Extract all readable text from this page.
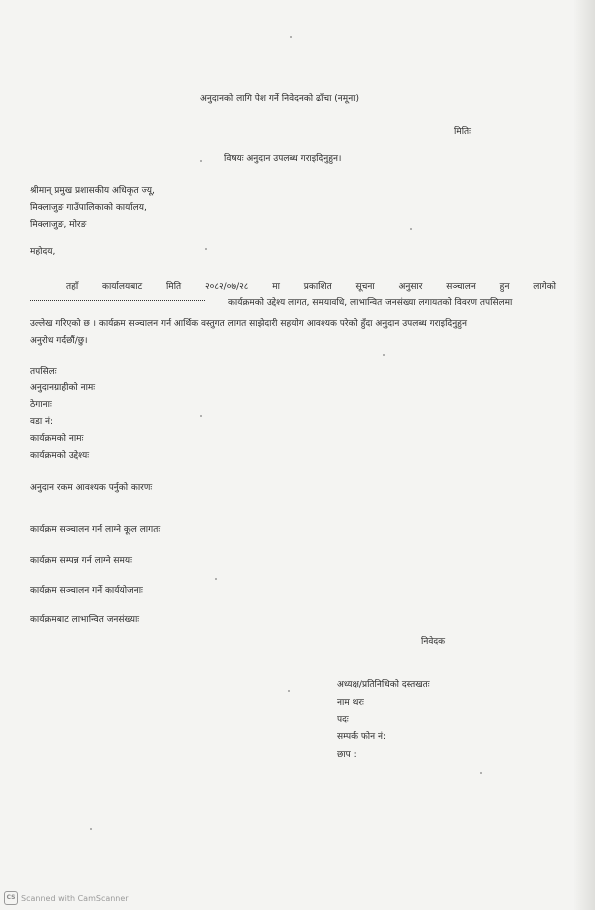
अनुदानको लागि पेश गर्ने निवेदनको ढाँचा (नमूना)
मितिः
विषयः अनुदान उपलब्ध गराइदिनुहुन।
श्रीमान् प्रमुख प्रशासकीय अधिकृत ज्यू,
मिक्लाजुङ गाउँपालिकाको कार्यालय,
मिक्लाजुङ, मोरङ
महोदय,
तहाँ कार्यालयबाट मिति २०८२/०७/२८ मा प्रकाशित सूचना अनुसार सञ्चालन हुन लागेको
कार्यक्रमको उद्देश्य लागत, समयावधि, लाभान्वित जनसंख्या लगायतको विवरण तपसिलमा
उल्लेख गरिएको छ । कार्यक्रम सञ्चालन गर्न आर्थिक वस्तुगत लागत साझेदारी सहयोग आवश्यक परेको हुँदा अनुदान उपलब्ध गराइदिनुहुन
अनुरोध गर्दछौं/छु।
तपसिलः
अनुदानग्राहीको नामः
ठेगानाः
वडा नं:
कार्यक्रमको नामः
कार्यक्रमको उद्देश्यः
अनुदान रकम आवश्यक पर्नुको कारणः
कार्यक्रम सञ्चालन गर्न लाग्ने कूल लागतः
कार्यक्रम सम्पन्न गर्न लाग्ने समयः
कार्यक्रम सञ्चालन गर्ने कार्ययोजनाः
कार्यक्रमबाट लाभान्वित जनसंख्याः
निवेदक
अध्यक्ष/प्रतिनिधिको दस्तखतः
नाम थरः
पदः
सम्पर्क फोन नं:
छाप :
CS Scanned with CamScanner
